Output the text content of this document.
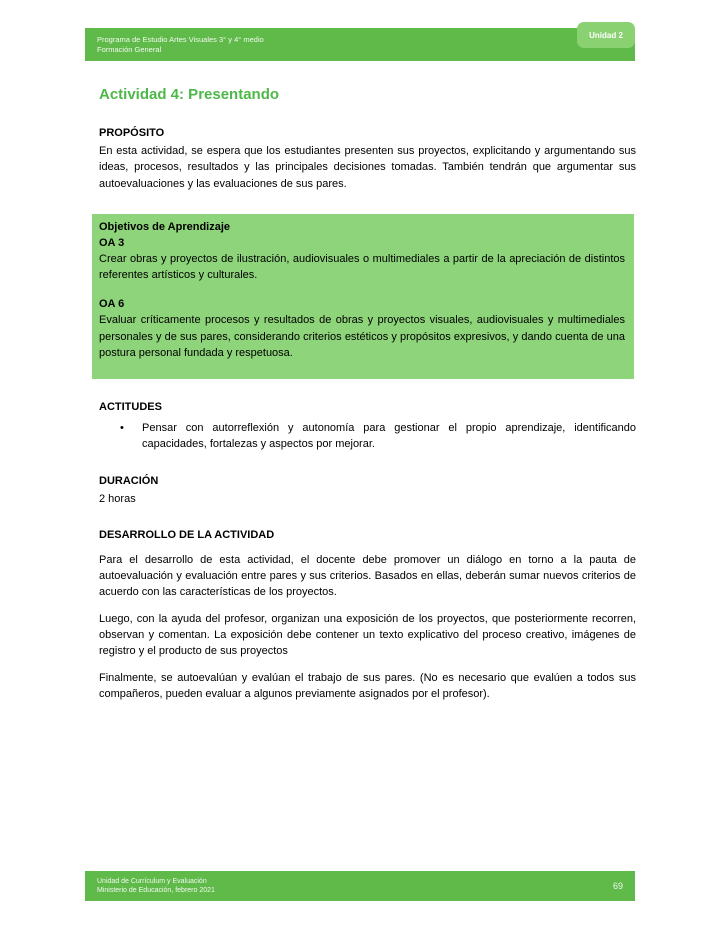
Programa de Estudio Artes Visuales 3° y 4° medio
Formación General
Unidad 2
Actividad 4: Presentando
PROPÓSITO

En esta actividad, se espera que los estudiantes presenten sus proyectos, explicitando y argumentando sus ideas, procesos, resultados y las principales decisiones tomadas. También tendrán que argumentar sus autoevaluaciones y las evaluaciones de sus pares.

Objetivos de Aprendizaje
OA 3

Crear obras y proyectos de ilustración, audiovisuales o multimediales a partir de la apreciación de distintos referentes artísticos y culturales.

OA 6

Evaluar críticamente procesos y resultados de obras y proyectos visuales, audiovisuales y multimediales personales y de sus pares, considerando criterios estéticos y propósitos expresivos, y dando cuenta de una postura personal fundada y respetuosa.

ACTITUDES
•	Pensar con autorreflexión y autonomía para gestionar el propio aprendizaje, identificando capacidades, fortalezas y aspectos por mejorar.

DURACIÓN

2 horas

DESARROLLO DE LA ACTIVIDAD

Para el desarrollo de esta actividad, el docente debe promover un diálogo en torno a la pauta de autoevaluación y evaluación entre pares y sus criterios. Basados en ellas, deberán sumar nuevos criterios de acuerdo con las características de los proyectos.

Luego, con la ayuda del profesor, organizan una exposición de los proyectos, que posteriormente recorren, observan y comentan. La exposición debe contener un texto explicativo del proceso creativo, imágenes de registro y el producto de sus proyectos

Finalmente, se autoevalúan y evalúan el trabajo de sus pares. (No es necesario que evalúen a todos sus compañeros, pueden evaluar a algunos previamente asignados por el profesor).

Unidad de Currículum y Evaluación
Ministerio de Educación, febrero 2021	69
